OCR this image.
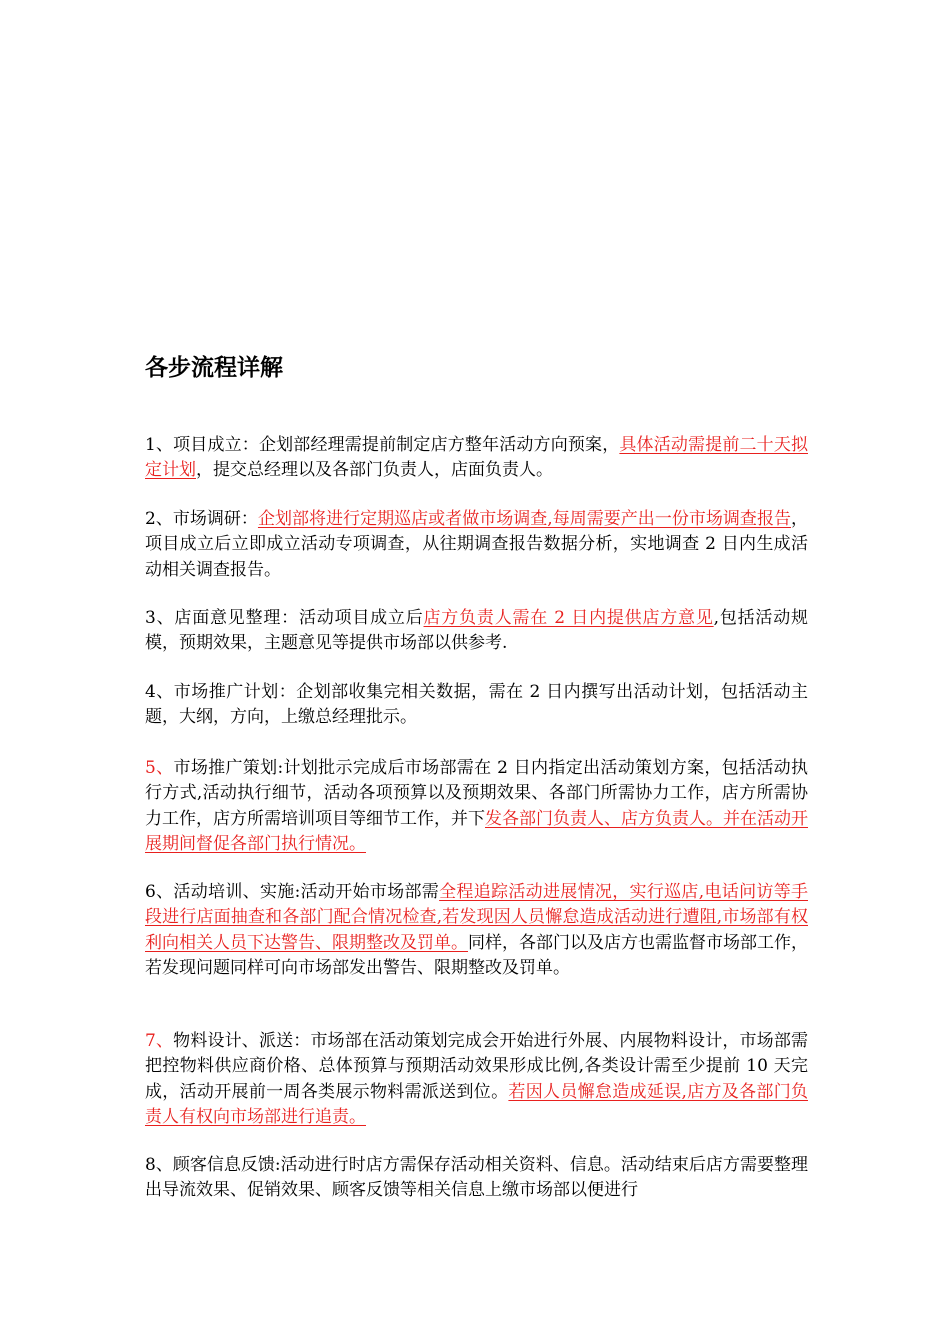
各步流程详解
1、项目成立：企划部经理需提前制定店方整年活动方向预案，具体活动需提前二十天拟定计划，提交总经理以及各部门负责人，店面负责人。
2、市场调研：企划部将进行定期巡店或者做市场调查,每周需要产出一份市场调查报告，项目成立后立即成立活动专项调查，从往期调查报告数据分析，实地调查 2 日内生成活动相关调查报告。
3、店面意见整理：活动项目成立后店方负责人需在 2 日内提供店方意见,包括活动规模，预期效果，主题意见等提供市场部以供参考.
4、市场推广计划：企划部收集完相关数据，需在 2 日内撰写出活动计划，包括活动主题，大纲，方向，上缴总经理批示。
5、市场推广策划:计划批示完成后市场部需在 2 日内指定出活动策划方案，包括活动执行方式,活动执行细节，活动各项预算以及预期效果、各部门所需协力工作，店方所需协力工作，店方所需培训项目等细节工作，并下发各部门负责人、店方负责人。并在活动开展期间督促各部门执行情况。
6、活动培训、实施:活动开始市场部需全程追踪活动进展情况，实行巡店,电话问访等手段进行店面抽查和各部门配合情况检查,若发现因人员懈怠造成活动进行遭阻,市场部有权利向相关人员下达警告、限期整改及罚单。同样，各部门以及店方也需监督市场部工作，若发现问题同样可向市场部发出警告、限期整改及罚单。
7、物料设计、派送：市场部在活动策划完成会开始进行外展、内展物料设计，市场部需把控物料供应商价格、总体预算与预期活动效果形成比例,各类设计需至少提前 10 天完成，活动开展前一周各类展示物料需派送到位。若因人员懈怠造成延误,店方及各部门负责人有权向市场部进行追责。
8、顾客信息反馈:活动进行时店方需保存活动相关资料、信息。活动结束后店方需要整理出导流效果、促销效果、顾客反馈等相关信息上缴市场部以便进行
